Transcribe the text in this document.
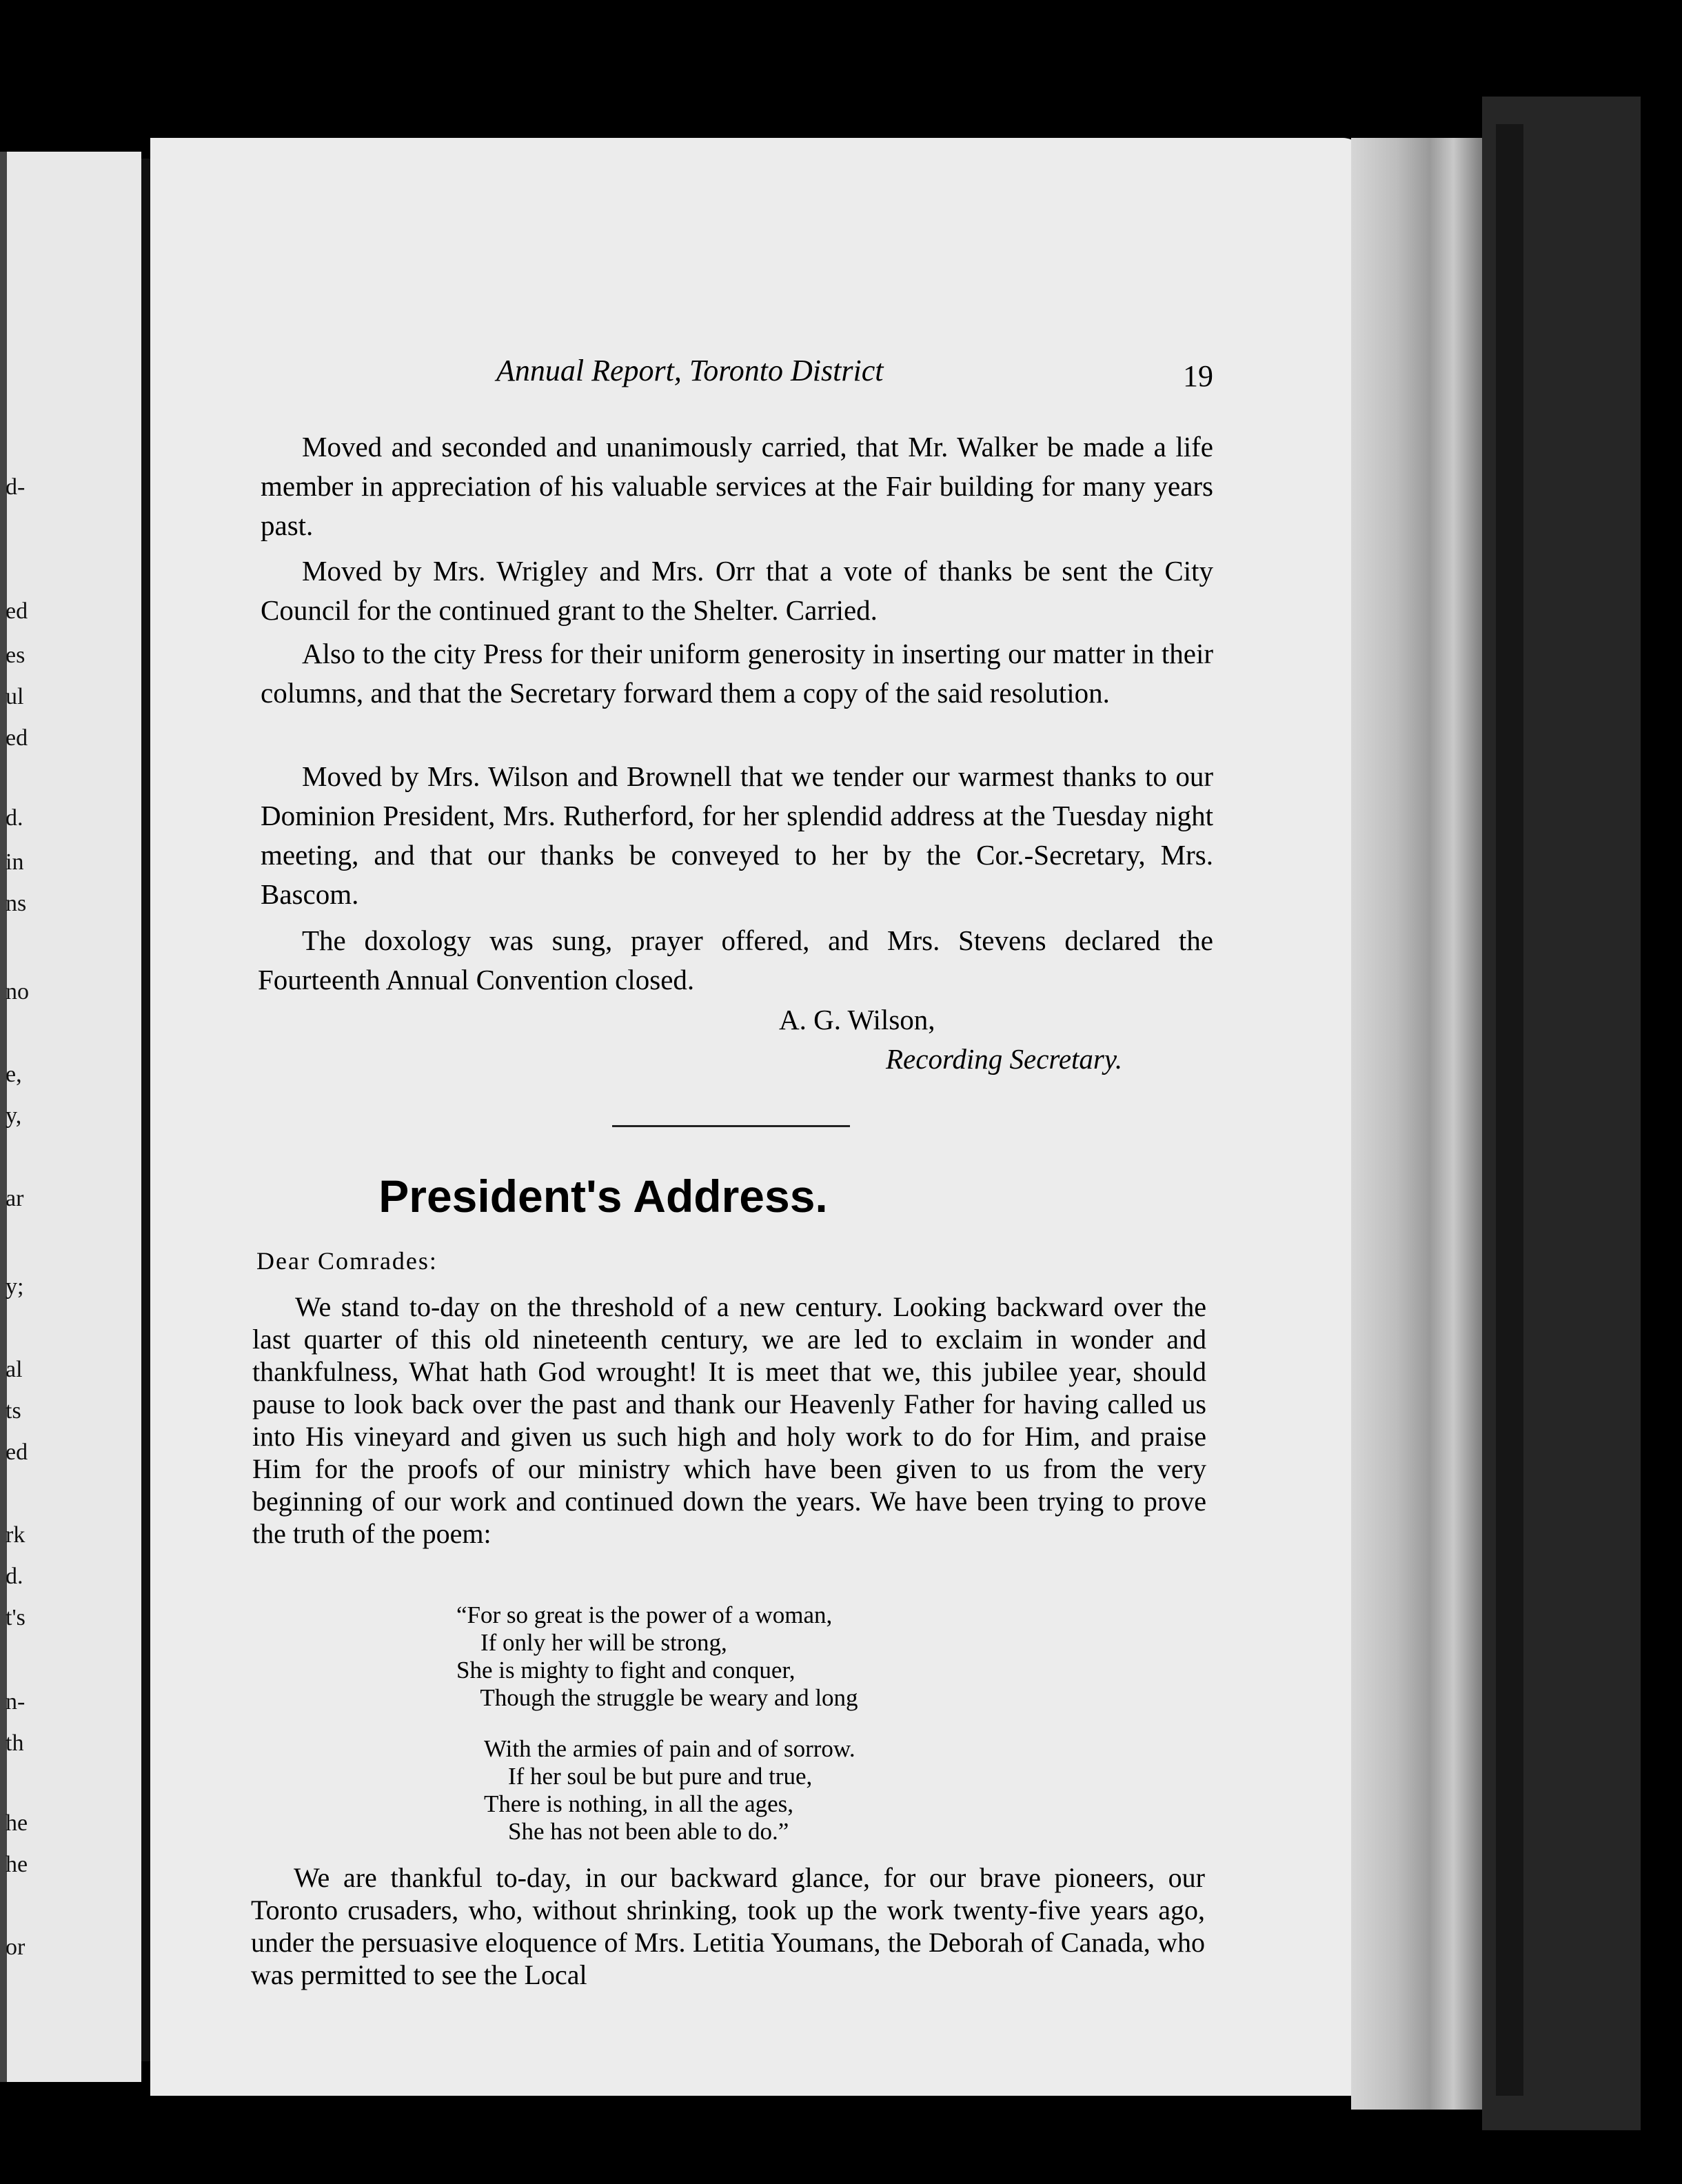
d-
ed
es
ul
ed
d.
in
ns
no
e,
y,
ar
y;
al
ts
ed
rk
d.
t's
n-
th
he
he
or
Annual Report, Toronto District	19
Moved and seconded and unanimously carried, that Mr. Walker be made a life member in appreciation of his valuable services at the Fair building for many years past.
Moved by Mrs. Wrigley and Mrs. Orr that a vote of thanks be sent the City Council for the continued grant to the Shelter. Carried.
Also to the city Press for their uniform generosity in inserting our matter in their columns, and that the Secretary forward them a copy of the said resolution.
Moved by Mrs. Wilson and Brownell that we tender our warmest thanks to our Dominion President, Mrs. Rutherford, for her splendid address at the Tuesday night meeting, and that our thanks be conveyed to her by the Cor.-Secretary, Mrs. Bascom.
The doxology was sung, prayer offered, and Mrs. Stevens declared the Fourteenth Annual Convention closed.
A. G. Wilson,
Recording Secretary.
President's Address.
Dear Comrades:
We stand to-day on the threshold of a new century. Looking backward over the last quarter of this old nineteenth century, we are led to exclaim in wonder and thankfulness, What hath God wrought! It is meet that we, this jubilee year, should pause to look back over the past and thank our Heavenly Father for having called us into His vineyard and given us such high and holy work to do for Him, and praise Him for the proofs of our ministry which have been given to us from the very beginning of our work and continued down the years. We have been trying to prove the truth of the poem:
“For so great is the power of a woman,
If only her will be strong,
She is mighty to fight and conquer,
Though the struggle be weary and long
With the armies of pain and of sorrow.
If her soul be but pure and true,
There is nothing, in all the ages,
She has not been able to do.”
We are thankful to-day, in our backward glance, for our brave pioneers, our Toronto crusaders, who, without shrinking, took up the work twenty-five years ago, under the persuasive eloquence of Mrs. Letitia Youmans, the Deborah of Canada, who was permitted to see the Local
